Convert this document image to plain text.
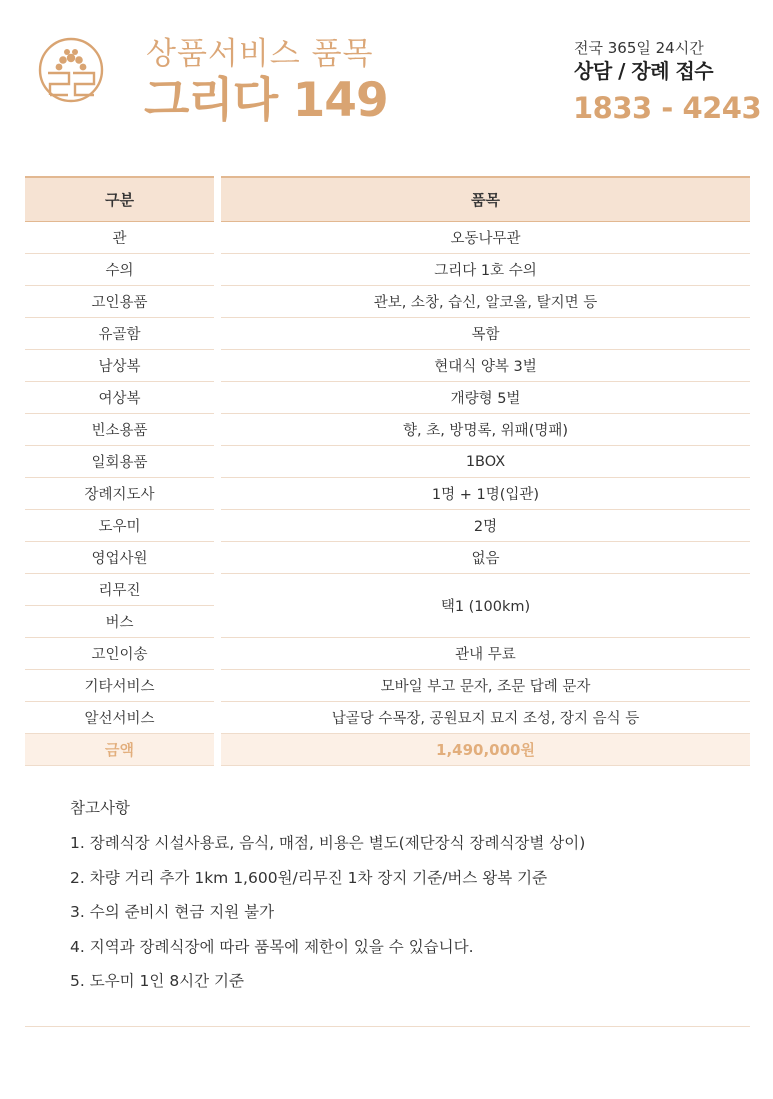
상품서비스 품목
그리다 149
전국 365일 24시간
상담 / 장례 접수
1833 - 4243
구분		품목
관		오동나무관
수의		그리다 1호 수의
고인용품		관보, 소창, 습신, 알코올, 탈지면 등
유골함		목함
남상복		현대식 양복 3벌
여상복		개량형 5벌
빈소용품		향, 초, 방명록, 위패(명패)
일회용품		1BOX
장례지도사		1명 + 1명(입관)
도우미		2명
영업사원		없음
리무진		택1 (100km)
버스		
고인이송		관내 무료
기타서비스		모바일 부고 문자, 조문 답례 문자
알선서비스		납골당 수목장, 공원묘지 묘지 조성, 장지 음식 등
금액		1,490,000원
참고사항
1. 장례식장 시설사용료, 음식, 매점, 비용은 별도(제단장식 장례식장별 상이)
2. 차량 거리 추가 1km 1,600원/리무진 1차 장지 기준/버스 왕복 기준
3. 수의 준비시 현금 지원 불가
4. 지역과 장례식장에 따라 품목에 제한이 있을 수 있습니다.
5. 도우미 1인 8시간 기준
